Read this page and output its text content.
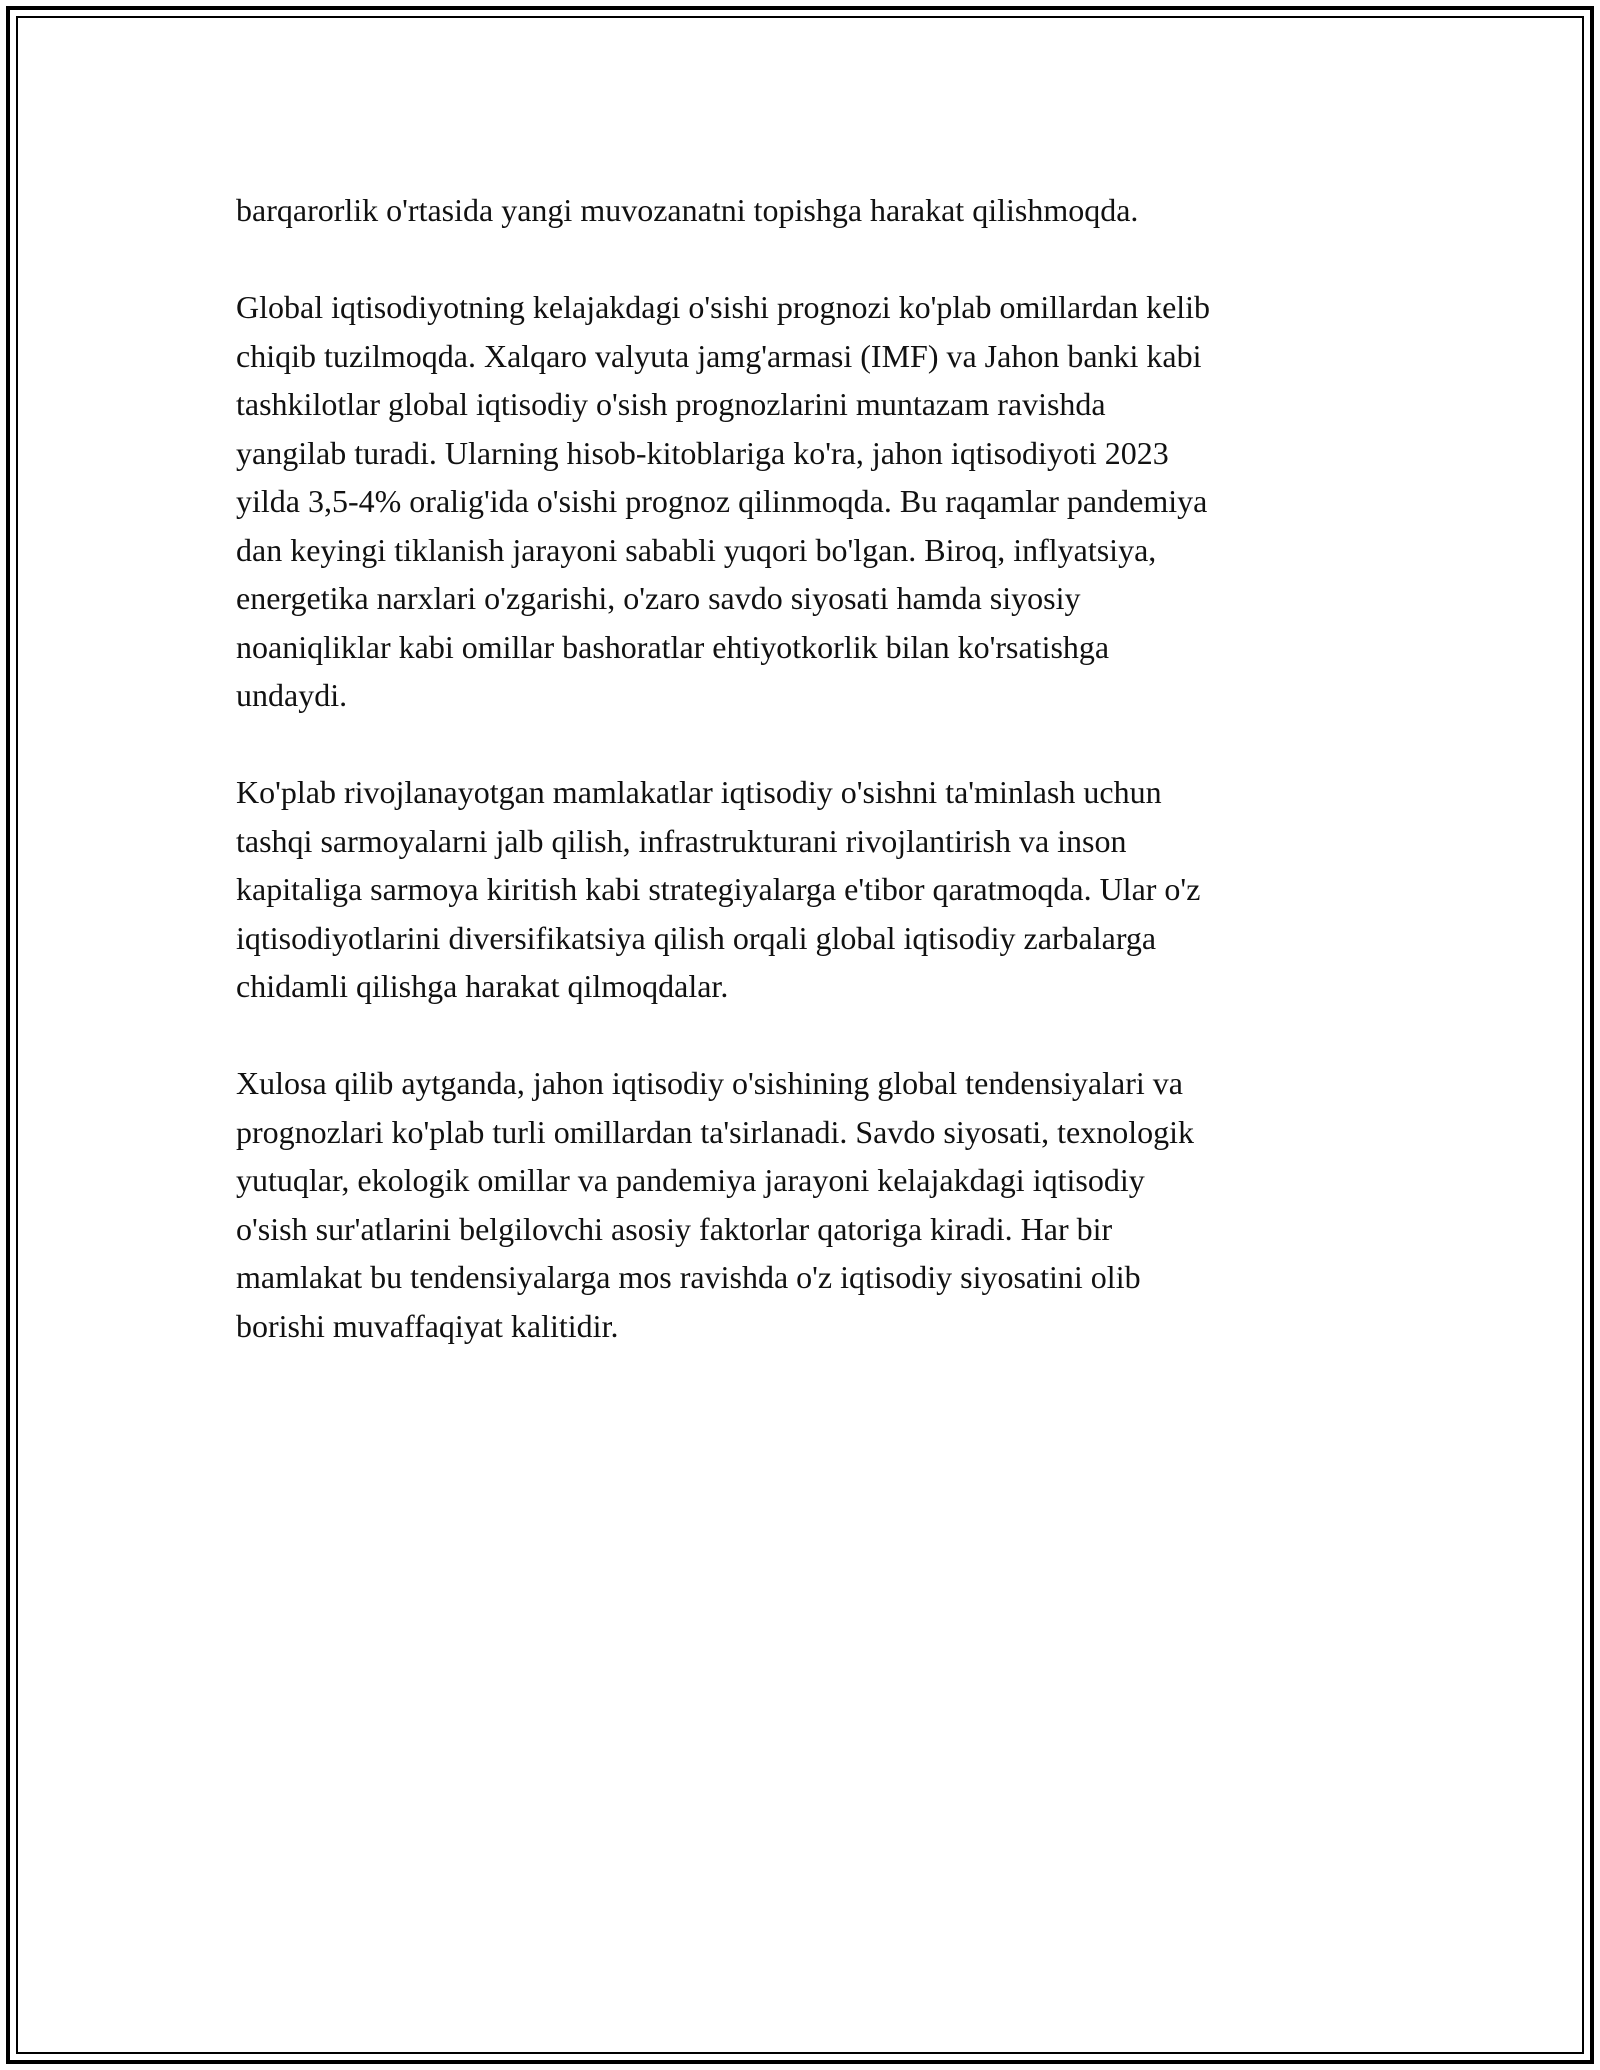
barqarorlik o'rtasida yangi muvozanatni topishga harakat qilishmoqda.

Global iqtisodiyotning kelajakdagi o'sishi prognozi ko'plab omillardan kelib
chiqib tuzilmoqda. Xalqaro valyuta jamg'armasi (IMF) va Jahon banki kabi
tashkilotlar global iqtisodiy o'sish prognozlarini muntazam ravishda
yangilab turadi. Ularning hisob-kitoblariga ko'ra, jahon iqtisodiyoti 2023
yilda 3,5-4% oralig'ida o'sishi prognoz qilinmoqda. Bu raqamlar pandemiya
dan keyingi tiklanish jarayoni sababli yuqori bo'lgan. Biroq, inflyatsiya,
energetika narxlari o'zgarishi, o'zaro savdo siyosati hamda siyosiy
noaniqliklar kabi omillar bashoratlar ehtiyotkorlik bilan ko'rsatishga
undaydi.

Ko'plab rivojlanayotgan mamlakatlar iqtisodiy o'sishni ta'minlash uchun
tashqi sarmoyalarni jalb qilish, infrastrukturani rivojlantirish va inson
kapitaliga sarmoya kiritish kabi strategiyalarga e'tibor qaratmoqda. Ular o'z
iqtisodiyotlarini diversifikatsiya qilish orqali global iqtisodiy zarbalarga
chidamli qilishga harakat qilmoqdalar.

Xulosa qilib aytganda, jahon iqtisodiy o'sishining global tendensiyalari va
prognozlari ko'plab turli omillardan ta'sirlanadi. Savdo siyosati, texnologik
yutuqlar, ekologik omillar va pandemiya jarayoni kelajakdagi iqtisodiy
o'sish sur'atlarini belgilovchi asosiy faktorlar qatoriga kiradi. Har bir
mamlakat bu tendensiyalarga mos ravishda o'z iqtisodiy siyosatini olib
borishi muvaffaqiyat kalitidir.
